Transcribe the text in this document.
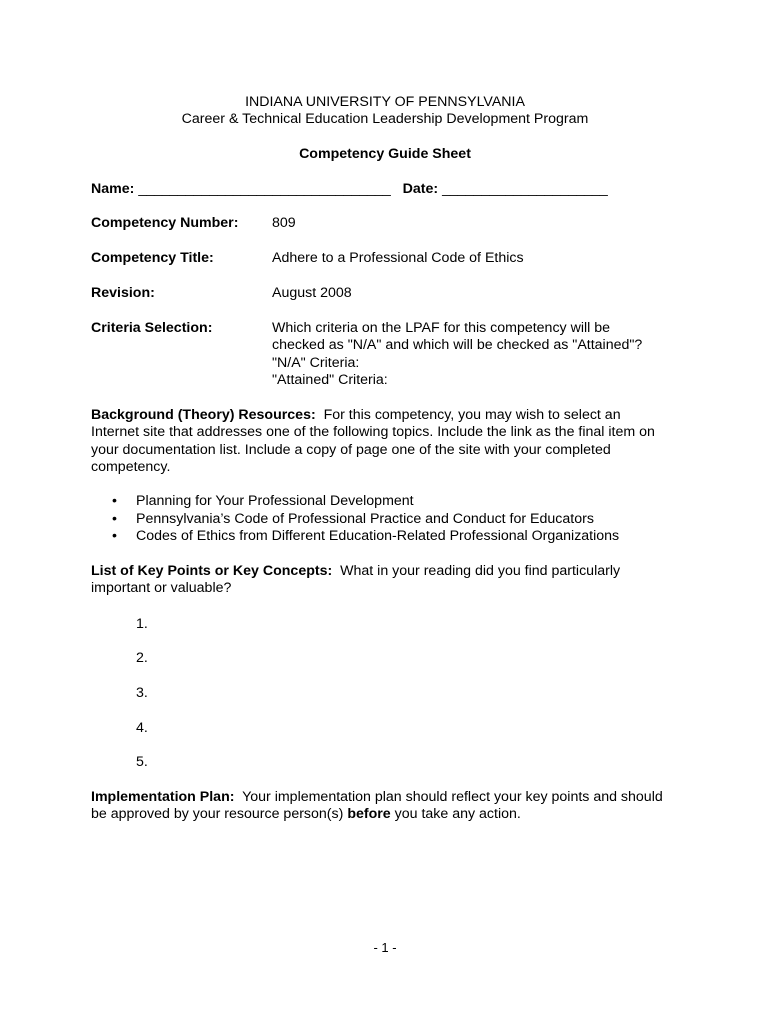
INDIANA UNIVERSITY OF PENNSYLVANIA
Career & Technical Education Leadership Development Program
Competency Guide Sheet
Name: ________________________________ Date: _____________________
Competency Number: 809
Competency Title:	Adhere to a Professional Code of Ethics
Revision:	August 2008
Criteria Selection:	Which criteria on the LPAF for this competency will be
checked as "N/A" and which will be checked as "Attained"?
"N/A" Criteria:
"Attained" Criteria:
Background (Theory) Resources: For this competency, you may wish to select an Internet site that addresses one of the following topics. Include the link as the final item on your documentation list. Include a copy of page one of the site with your completed competency.
• Planning for Your Professional Development
• Pennsylvania’s Code of Professional Practice and Conduct for Educators
• Codes of Ethics from Different Education-Related Professional Organizations
List of Key Points or Key Concepts: What in your reading did you find particularly important or valuable?
1.
2.
3.
4.
5.
Implementation Plan: Your implementation plan should reflect your key points and should be approved by your resource person(s) before you take any action.
- 1 -
